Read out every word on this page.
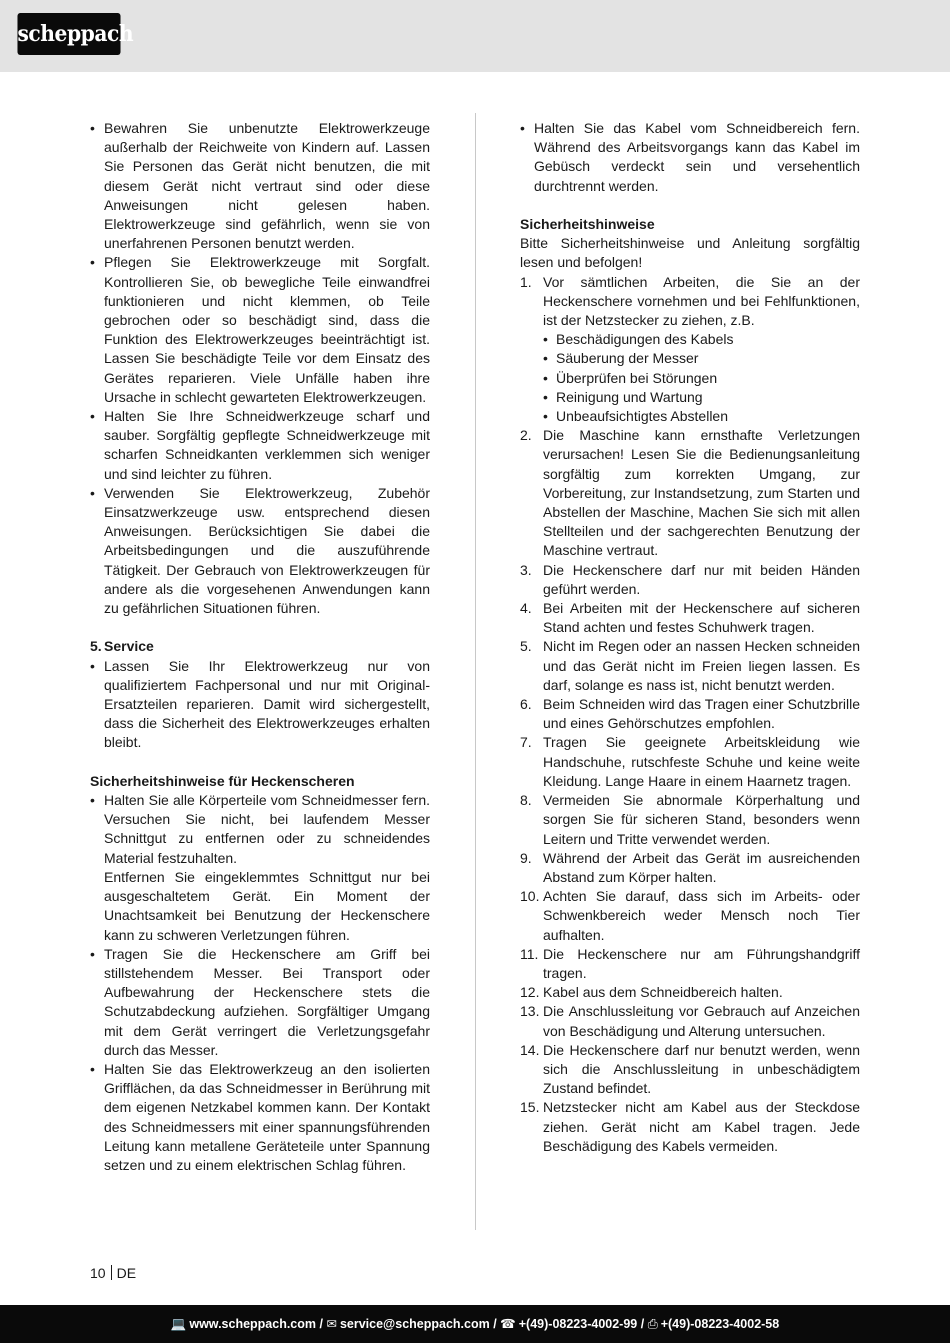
scheppach
• Bewahren Sie unbenutzte Elektrowerkzeuge außerhalb der Reichweite von Kindern auf. Lassen Sie Personen das Gerät nicht benutzen, die mit diesem Gerät nicht vertraut sind oder diese Anweisungen nicht gelesen haben. Elektrowerkzeuge sind gefährlich, wenn sie von unerfahrenen Personen benutzt werden.
• Pflegen Sie Elektrowerkzeuge mit Sorgfalt. Kontrollieren Sie, ob bewegliche Teile einwandfrei funktionieren und nicht klemmen, ob Teile gebrochen oder so beschädigt sind, dass die Funktion des Elektrowerkzeuges beeinträchtigt ist. Lassen Sie beschädigte Teile vor dem Einsatz des Gerätes reparieren. Viele Unfälle haben ihre Ursache in schlecht gewarteten Elektrowerkzeugen.
• Halten Sie Ihre Schneidwerkzeuge scharf und sauber. Sorgfältig gepflegte Schneidwerkzeuge mit scharfen Schneidkanten verklemmen sich weniger und sind leichter zu führen.
• Verwenden Sie Elektrowerkzeug, Zubehör Einsatzwerkzeuge usw. entsprechend diesen Anweisungen. Berücksichtigen Sie dabei die Arbeitsbedingungen und die auszuführende Tätigkeit. Der Gebrauch von Elektrowerkzeugen für andere als die vorgesehenen Anwendungen kann zu gefährlichen Situationen führen.

5. Service

• Lassen Sie Ihr Elektrowerkzeug nur von qualifiziertem Fachpersonal und nur mit Original-Ersatzteilen reparieren. Damit wird sichergestellt, dass die Sicherheit des Elektrowerkzeuges erhalten bleibt.

Sicherheitshinweise für Heckenscheren

• Halten Sie alle Körperteile vom Schneidmesser fern. Versuchen Sie nicht, bei laufendem Messer Schnittgut zu entfernen oder zu schneidendes Material festzuhalten.
Entfernen Sie eingeklemmtes Schnittgut nur bei ausgeschaltetem Gerät. Ein Moment der Unachtsamkeit bei Benutzung der Heckenschere kann zu schweren Verletzungen führen.
• Tragen Sie die Heckenschere am Griff bei stillstehendem Messer. Bei Transport oder Aufbewahrung der Heckenschere stets die Schutzabdeckung aufziehen. Sorgfältiger Umgang mit dem Gerät verringert die Verletzungsgefahr durch das Messer.
• Halten Sie das Elektrowerkzeug an den isolierten Grifflächen, da das Schneidmesser in Berührung mit dem eigenen Netzkabel kommen kann. Der Kontakt des Schneidmessers mit einer spannungsführenden Leitung kann metallene Geräteteile unter Spannung setzen und zu einem elektrischen Schlag führen.
• Halten Sie das Kabel vom Schneidbereich fern. Während des Arbeitsvorgangs kann das Kabel im Gebüsch verdeckt sein und versehentlich durchtrennt werden.

Sicherheitshinweise

Bitte Sicherheitshinweise und Anleitung sorgfältig lesen und befolgen!

1. Vor sämtlichen Arbeiten, die Sie an der Heckenschere vornehmen und bei Fehlfunktionen, ist der Netzstecker zu ziehen, z.B.
• Beschädigungen des Kabels
• Säuberung der Messer
• Überprüfen bei Störungen
• Reinigung und Wartung
• Unbeaufsichtigtes Abstellen
2. Die Maschine kann ernsthafte Verletzungen verursachen! Lesen Sie die Bedienungsanleitung sorgfältig zum korrekten Umgang, zur Vorbereitung, zur Instandsetzung, zum Starten und Abstellen der Maschine, Machen Sie sich mit allen Stellteilen und der sachgerechten Benutzung der Maschine vertraut.
3. Die Heckenschere darf nur mit beiden Händen geführt werden.
4. Bei Arbeiten mit der Heckenschere auf sicheren Stand achten und festes Schuhwerk tragen.
5. Nicht im Regen oder an nassen Hecken schneiden und das Gerät nicht im Freien liegen lassen. Es darf, solange es nass ist, nicht benutzt werden.
6. Beim Schneiden wird das Tragen einer Schutzbrille und eines Gehörschutzes empfohlen.
7. Tragen Sie geeignete Arbeitskleidung wie Handschuhe, rutschfeste Schuhe und keine weite Kleidung. Lange Haare in einem Haarnetz tragen.
8. Vermeiden Sie abnormale Körperhaltung und sorgen Sie für sicheren Stand, besonders wenn Leitern und Tritte verwendet werden.
9. Während der Arbeit das Gerät im ausreichenden Abstand zum Körper halten.
10. Achten Sie darauf, dass sich im Arbeits- oder Schwenkbereich weder Mensch noch Tier aufhalten.
11. Die Heckenschere nur am Führungshandgriff tragen.
12. Kabel aus dem Schneidbereich halten.
13. Die Anschlussleitung vor Gebrauch auf Anzeichen von Beschädigung und Alterung untersuchen.
14. Die Heckenschere darf nur benutzt werden, wenn sich die Anschlussleitung in unbeschädigtem Zustand befindet.
15. Netzstecker nicht am Kabel aus der Steckdose ziehen. Gerät nicht am Kabel tragen. Jede Beschädigung des Kabels vermeiden.
10 DE
💻 www.scheppach.com / ✉ service@scheppach.com / ☎ +(49)-08223-4002-99 / ⎙ +(49)-08223-4002-58
